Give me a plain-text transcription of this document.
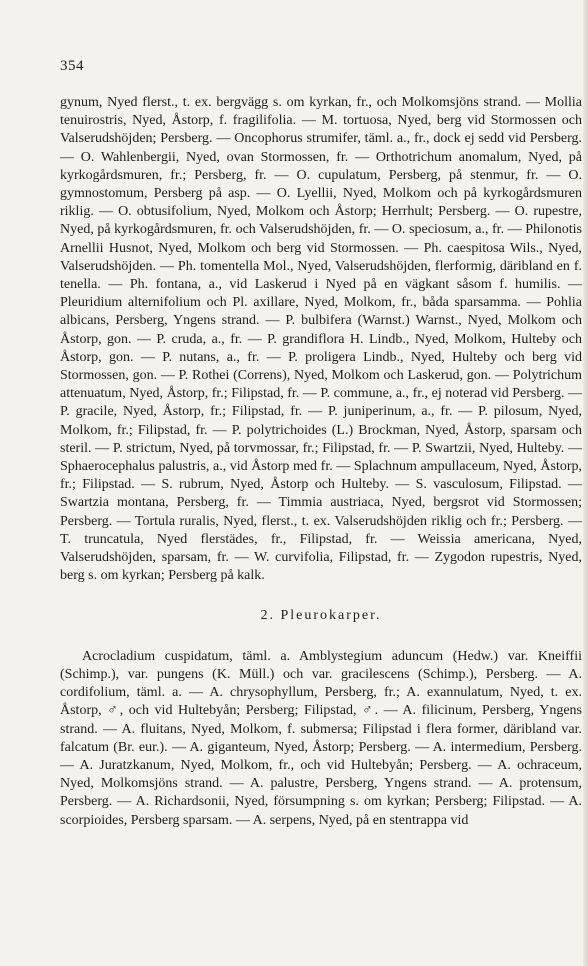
354

gynum, Nyed flerst., t. ex. bergvägg s. om kyrkan, fr., och Molkomsjöns strand. — Mollia tenuirostris, Nyed, Åstorp, f. fragilifolia. — M. tortuosa, Nyed, berg vid Stormossen och Valserudshöjden; Persberg. — Oncophorus strumifer, täml. a., fr., dock ej sedd vid Persberg. — O. Wahlenbergii, Nyed, ovan Stormossen, fr. — Orthotrichum anomalum, Nyed, på kyrkogårdsmuren, fr.; Persberg, fr. — O. cupulatum, Persberg, på stenmur, fr. — O. gymnostomum, Persberg på asp. — O. Lyellii, Nyed, Molkom och på kyrkogårdsmuren riklig. — O. obtusifolium, Nyed, Molkom och Åstorp; Herrhult; Persberg. — O. rupestre, Nyed, på kyrkogårdsmuren, fr. och Valserudshöjden, fr. — O. speciosum, a., fr. — Philonotis Arnellii Husnot, Nyed, Molkom och berg vid Stormossen. — Ph. caespitosa Wils., Nyed, Valserudshöjden. — Ph. tomentella Mol., Nyed, Valserudshöjden, flerformig, däribland en f. tenella. — Ph. fontana, a., vid Laskerud i Nyed på en vägkant såsom f. humilis. — Pleuridium alternifolium och Pl. axillare, Nyed, Molkom, fr., båda sparsamma. — Pohlia albicans, Persberg, Yngens strand. — P. bulbifera (Warnst.) Warnst., Nyed, Molkom och Åstorp, gon. — P. cruda, a., fr. — P. grandiflora H. Lindb., Nyed, Molkom, Hulteby och Åstorp, gon. — P. nutans, a., fr. — P. proligera Lindb., Nyed, Hulteby och berg vid Stormossen, gon. — P. Rothei (Correns), Nyed, Molkom och Laskerud, gon. — Polytrichum attenuatum, Nyed, Åstorp, fr.; Filipstad, fr. — P. commune, a., fr., ej noterad vid Persberg. — P. gracile, Nyed, Åstorp, fr.; Filipstad, fr. — P. juniperinum, a., fr. — P. pilosum, Nyed, Molkom, fr.; Filipstad, fr. — P. polytrichoides (L.) Brockman, Nyed, Åstorp, sparsam och steril. — P. strictum, Nyed, på torvmossar, fr.; Filipstad, fr. — P. Swartzii, Nyed, Hulteby. — Sphaerocephalus palustris, a., vid Åstorp med fr. — Splachnum ampullaceum, Nyed, Åstorp, fr.; Filipstad. — S. rubrum, Nyed, Åstorp och Hulteby. — S. vasculosum, Filipstad. — Swartzia montana, Persberg, fr. — Timmia austriaca, Nyed, bergsrot vid Stormossen; Persberg. — Tortula ruralis, Nyed, flerst., t. ex. Valserudshöjden riklig och fr.; Persberg. — T. truncatula, Nyed flerstädes, fr., Filipstad, fr. — Weissia americana, Nyed, Valserudshöjden, sparsam, fr. — W. curvifolia, Filipstad, fr. — Zygodon rupestris, Nyed, berg s. om kyrkan; Persberg på kalk.

2. Pleurokarper.

Acrocladium cuspidatum, täml. a. Amblystegium aduncum (Hedw.) var. Kneiffii (Schimp.), var. pungens (K. Müll.) och var. gracilescens (Schimp.), Persberg. — A. cordifolium, täml. a. — A. chrysophyllum, Persberg, fr.; A. exannulatum, Nyed, t. ex. Åstorp, ♂, och vid Hultebyån; Persberg; Filipstad, ♂. — A. filicinum, Persberg, Yngens strand. — A. fluitans, Nyed, Molkom, f. submersa; Filipstad i flera former, däribland var. falcatum (Br. eur.). — A. giganteum, Nyed, Åstorp; Persberg. — A. intermedium, Persberg. — A. Juratzkanum, Nyed, Molkom, fr., och vid Hultebyån; Persberg. — A. ochraceum, Nyed, Molkomsjöns strand. — A. palustre, Persberg, Yngens strand. — A. protensum, Persberg. — A. Richardsonii, Nyed, försumpning s. om kyrkan; Persberg; Filipstad. — A. scorpioides, Persberg sparsam. — A. serpens, Nyed, på en stentrappa vid
